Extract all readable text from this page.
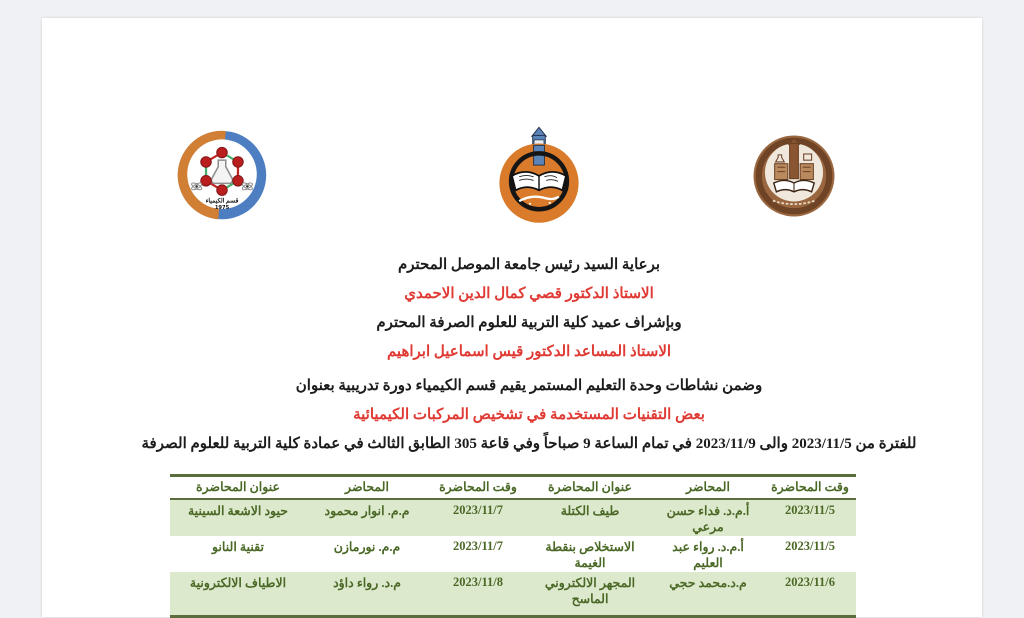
قسم الكيمياء
1975
برعاية السيد رئيس جامعة الموصل المحترم
الاستاذ الدكتور قصي كمال الدين الاحمدي
وبإشراف عميد كلية التربية للعلوم الصرفة المحترم
الاستاذ المساعد الدكتور قيس اسماعيل ابراهيم
وضمن نشاطات وحدة التعليم المستمر يقيم قسم الكيمياء دورة تدريبية بعنوان
بعض التقنيات المستخدمة في تشخيص المركبات الكيميائية
للفترة من 2023/11/5 والى 2023/11/9 في تمام الساعة 9 صباحاً وفي قاعة 305 الطابق الثالث في عمادة كلية التربية للعلوم الصرفة
وقت المحاضرة	المحاضر	عنوان المحاضرة	وقت المحاضرة	المحاضر	عنوان المحاضرة
2023/11/5	أ.م.د. فداء حسن مرعي	طيف الكتلة	2023/11/7	م.م. انوار محمود	حيود الاشعة السينية
2023/11/5	أ.م.د. رواء عبد العليم	الاستخلاص بنقطة الغيمة	2023/11/7	م.م. نورمازن	تقنية النانو
2023/11/6	م.د.محمد حجي	المجهر الالكتروني الماسح	2023/11/8	م.د. رواء داؤد	الاطياف الالكترونية
